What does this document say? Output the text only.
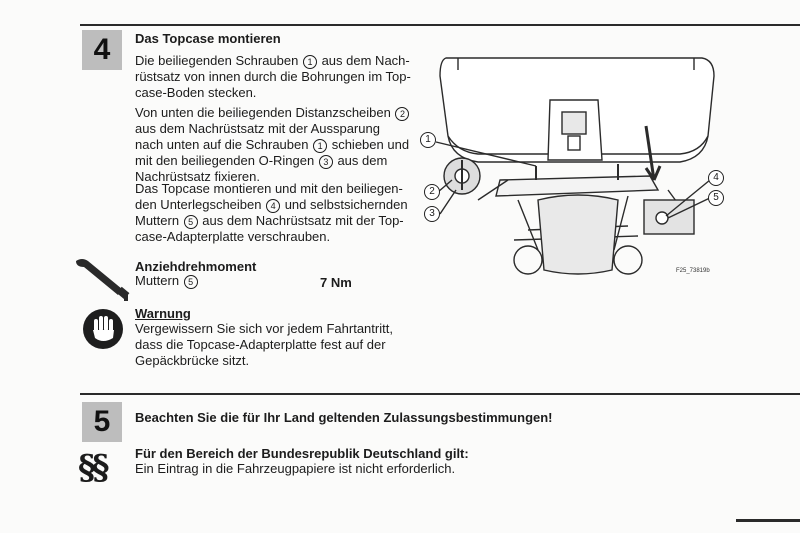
4	Das Topcase montieren
Die beiliegenden Schrauben 1 aus dem Nach-
rüstsatz von innen durch die Bohrungen im Top-
case-Boden stecken.
Von unten die beiliegenden Distanzscheiben 2
aus dem Nachrüstsatz mit der Aussparung
nach unten auf die Schrauben 1 schieben und
mit den beiliegenden O-Ringen 3 aus dem
Nachrüstsatz fixieren.
Das Topcase montieren und mit den beiliegen-
den Unterlegscheiben 4 und selbstsichernden
Muttern 5 aus dem Nachrüstsatz mit der Top-
case-Adapterplatte verschrauben.
Anziehdrehmoment
Muttern 5	7 Nm
Warnung
Vergewissern Sie sich vor jedem Fahrtantritt,
dass die Topcase-Adapterplatte fest auf der
Gepäckbrücke sitzt.
1
2
3
4
5
F25_73819b
5	Beachten Sie die für Ihr Land geltenden Zulassungsbestimmungen!
§§ Für den Bereich der Bundesrepublik Deutschland gilt:
Ein Eintrag in die Fahrzeugpapiere ist nicht erforderlich.
